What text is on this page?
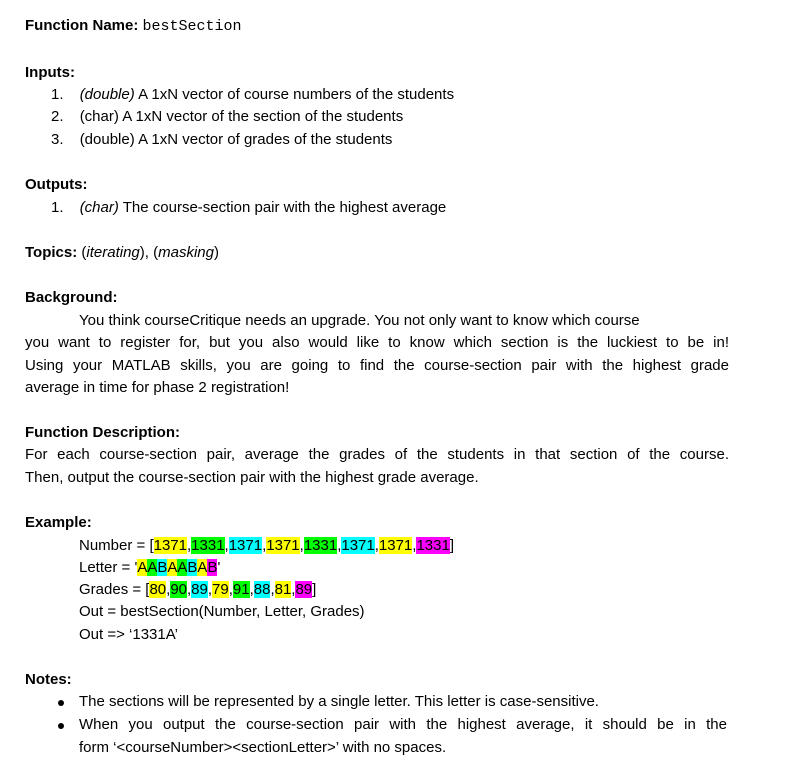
Function Name: bestSection
Inputs:
1. (double) A 1xN vector of course numbers of the students
2. (char) A 1xN vector of the section of the students
3. (double) A 1xN vector of grades of the students
Outputs:
1. (char) The course-section pair with the highest average
Topics: (iterating), (masking)
Background:
You think courseCritique needs an upgrade. You not only want to know which course
you want to register for, but you also would like to know which section is the luckiest to be in!
Using your MATLAB skills, you are going to find the course-section pair with the highest grade
average in time for phase 2 registration!
Function Description:
For each course-section pair, average the grades of the students in that section of the course.
Then, output the course-section pair with the highest grade average.
Example:
Number = [1371,1331,1371,1371,1331,1371,1371,1331]
Letter = 'AABAABAB'
Grades = [80,90,89,79,91,88,81,89]
Out = bestSection(Number, Letter, Grades)
Out => ‘1331A’
Notes:
The sections will be represented by a single letter. This letter is case-sensitive.
When you output the course-section pair with the highest average, it should be in the
form ‘<courseNumber><sectionLetter>’ with no spaces.
